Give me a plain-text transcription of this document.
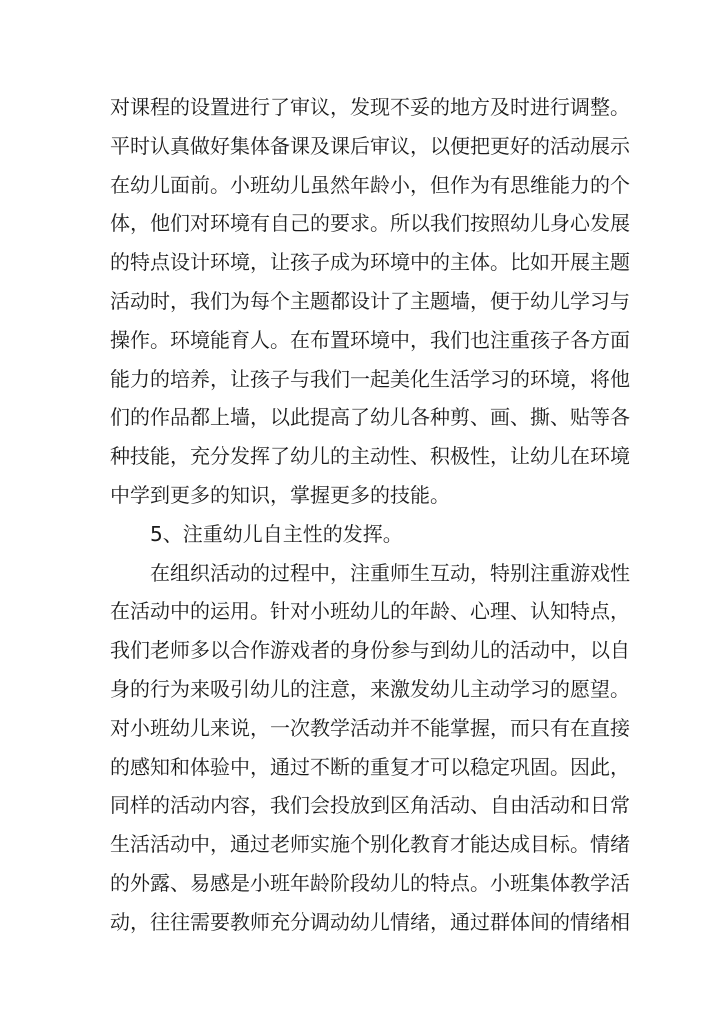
对课程的设置进行了审议，发现不妥的地方及时进行调整。
平时认真做好集体备课及课后审议，以便把更好的活动展示
在幼儿面前。小班幼儿虽然年龄小，但作为有思维能力的个
体，他们对环境有自己的要求。所以我们按照幼儿身心发展
的特点设计环境，让孩子成为环境中的主体。比如开展主题
活动时，我们为每个主题都设计了主题墙，便于幼儿学习与
操作。环境能育人。在布置环境中，我们也注重孩子各方面
能力的培养，让孩子与我们一起美化生活学习的环境，将他
们的作品都上墙，以此提高了幼儿各种剪、画、撕、贴等各
种技能，充分发挥了幼儿的主动性、积极性，让幼儿在环境
中学到更多的知识，掌握更多的技能。
5、注重幼儿自主性的发挥。
在组织活动的过程中，注重师生互动，特别注重游戏性
在活动中的运用。针对小班幼儿的年龄、心理、认知特点，
我们老师多以合作游戏者的身份参与到幼儿的活动中，以自
身的行为来吸引幼儿的注意，来激发幼儿主动学习的愿望。
对小班幼儿来说，一次教学活动并不能掌握，而只有在直接
的感知和体验中，通过不断的重复才可以稳定巩固。因此，
同样的活动内容，我们会投放到区角活动、自由活动和日常
生活活动中，通过老师实施个别化教育才能达成目标。情绪
的外露、易感是小班年龄阶段幼儿的特点。小班集体教学活
动，往往需要教师充分调动幼儿情绪，通过群体间的情绪相
